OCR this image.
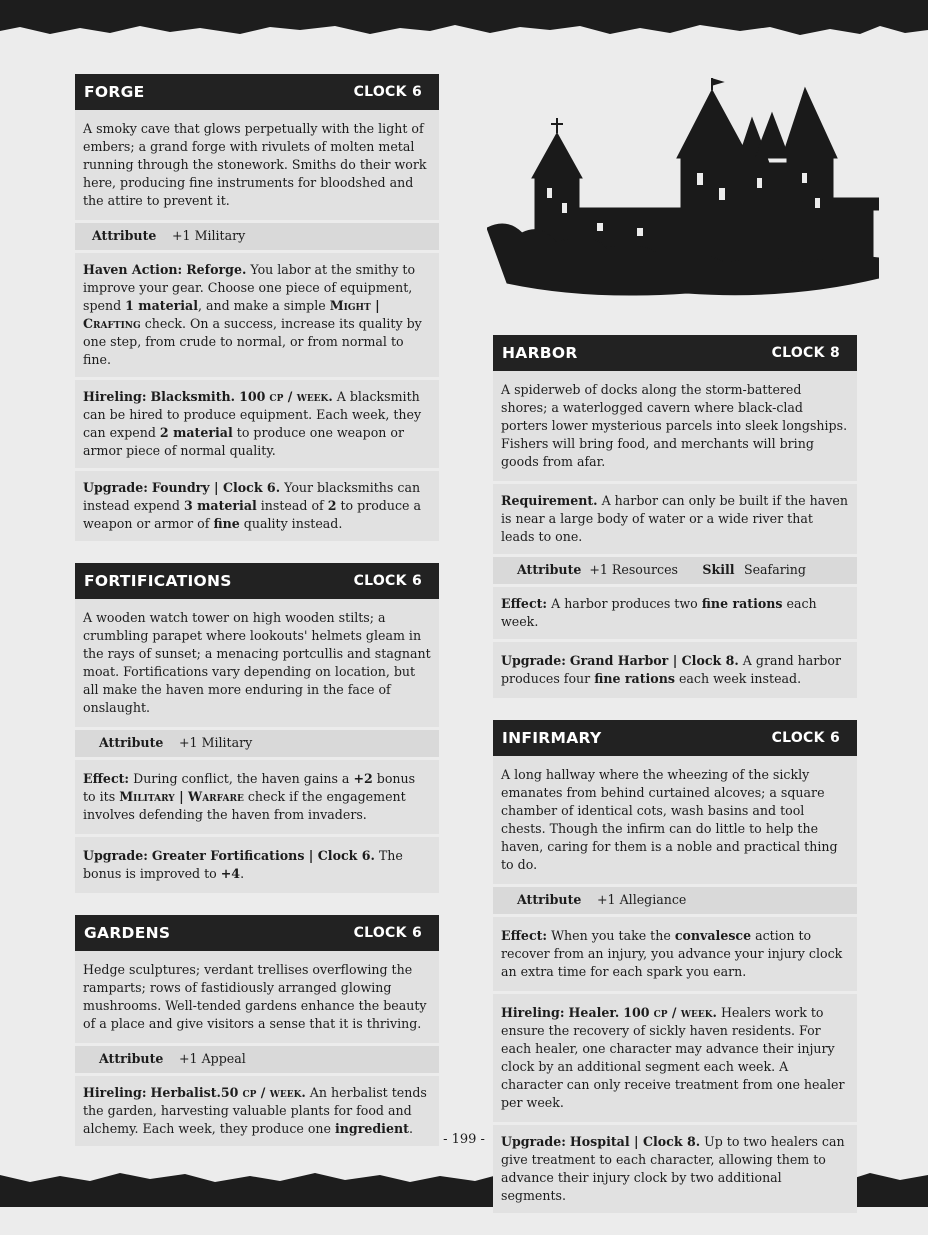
FORGE	CLOCK 6
A smoky cave that glows perpetually with the light of embers; a grand forge with rivulets of molten metal running through the stonework. Smiths do their work here, producing fine instruments for bloodshed and the attire to prevent it.
Attribute	+1 Military
Haven Action: Reforge. You labor at the smithy to improve your gear. Choose one piece of equipment, spend 1 material, and make a simple Might | Crafting check. On a success, increase its quality by one step, from crude to normal, or from normal to fine.
Hireling: Blacksmith. 100 cp / week. A blacksmith can be hired to produce equipment. Each week, they can expend 2 material to produce one weapon or armor piece of normal quality.
Upgrade: Foundry | Clock 6. Your blacksmiths can instead expend 3 material instead of 2 to produce a weapon or armor of fine quality instead.
FORTIFICATIONS	CLOCK 6
A wooden watch tower on high wooden stilts; a crumbling parapet where lookouts' helmets gleam in the rays of sunset; a menacing portcullis and stagnant moat. Fortifications vary depending on location, but all make the haven more enduring in the face of onslaught.
Attribute	+1 Military
Effect: During conflict, the haven gains a +2 bonus to its Military | Warfare check if the engagement involves defending the haven from invaders.
Upgrade: Greater Fortifications | Clock 6. The bonus is improved to +4.
GARDENS	CLOCK 6
Hedge sculptures; verdant trellises overflowing the ramparts; rows of fastidiously arranged glowing mushrooms. Well-tended gardens enhance the beauty of a place and give visitors a sense that it is thriving.
Attribute	+1 Appeal
Hireling: Herbalist.50 cp / week. An herbalist tends the garden, harvesting valuable plants for food and alchemy. Each week, they produce one ingredient.
HARBOR	CLOCK 8
A spiderweb of docks along the storm-battered shores; a waterlogged cavern where black-clad porters lower mysterious parcels into sleek longships. Fishers will bring food, and merchants will bring goods from afar.
Requirement. A harbor can only be built if the haven is near a large body of water or a wide river that leads to one.
Attribute +1 Resources	Skill Seafaring
Effect: A harbor produces two fine rations each week.
Upgrade: Grand Harbor | Clock 8. A grand harbor produces four fine rations each week instead.
INFIRMARY	CLOCK 6
A long hallway where the wheezing of the sickly emanates from behind curtained alcoves; a square chamber of identical cots, wash basins and tool chests. Though the infirm can do little to help the haven, caring for them is a noble and practical thing to do.
Attribute	+1 Allegiance
Effect: When you take the convalesce action to recover from an injury, you advance your injury clock an extra time for each spark you earn.
Hireling: Healer. 100 cp / week. Healers work to ensure the recovery of sickly haven residents. For each healer, one character may advance their injury clock by an additional segment each week. A character can only receive treatment from one healer per week.
Upgrade: Hospital | Clock 8. Up to two healers can give treatment to each character, allowing them to advance their injury clock by two additional segments.
- 199 -
